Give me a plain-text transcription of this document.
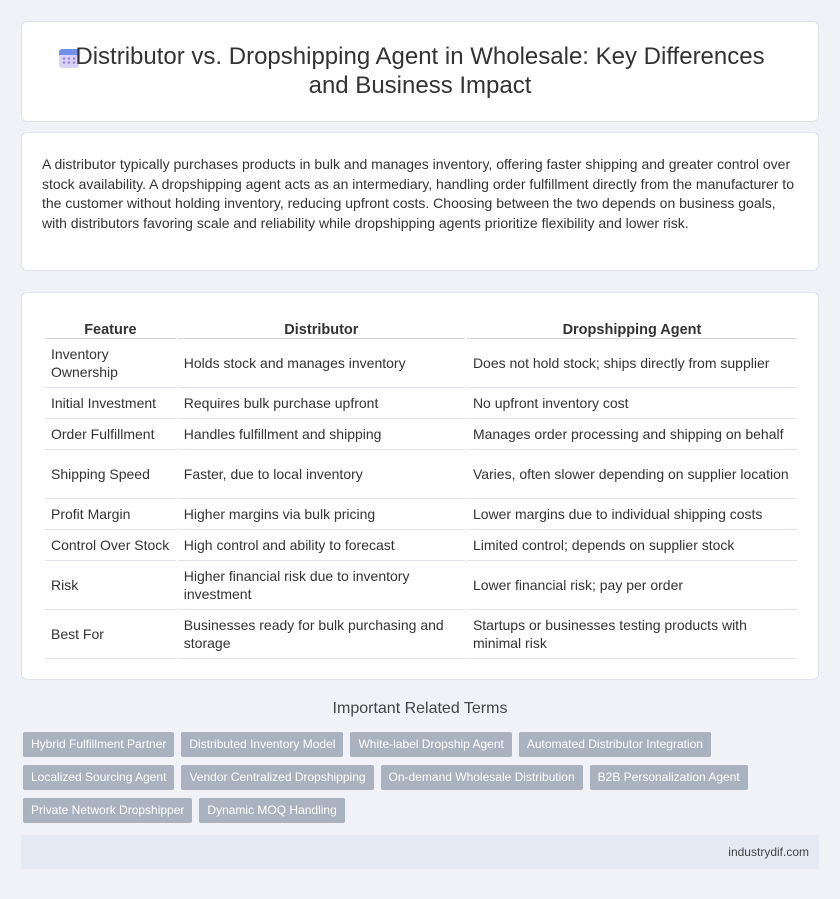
Distributor vs. Dropshipping Agent in Wholesale: Key Differences and Business Impact

A distributor typically purchases products in bulk and manages inventory, offering faster shipping and greater control over stock availability. A dropshipping agent acts as an intermediary, handling order fulfillment directly from the manufacturer to the customer without holding inventory, reducing upfront costs. Choosing between the two depends on business goals, with distributors favoring scale and reliability while dropshipping agents prioritize flexibility and lower risk.

Feature	Distributor	Dropshipping Agent
Inventory Ownership	Holds stock and manages inventory	Does not hold stock; ships directly from supplier
Initial Investment	Requires bulk purchase upfront	No upfront inventory cost
Order Fulfillment	Handles fulfillment and shipping	Manages order processing and shipping on behalf
Shipping Speed	Faster, due to local inventory	Varies, often slower depending on supplier location
Profit Margin	Higher margins via bulk pricing	Lower margins due to individual shipping costs
Control Over Stock	High control and ability to forecast	Limited control; depends on supplier stock
Risk	Higher financial risk due to inventory investment	Lower financial risk; pay per order
Best For	Businesses ready for bulk purchasing and storage	Startups or businesses testing products with minimal risk
Important Related Terms
Hybrid Fulfillment Partner	Distributed Inventory Model	White-label Dropship Agent	Automated Distributor Integration
Localized Sourcing Agent	Vendor Centralized Dropshipping	On-demand Wholesale Distribution	B2B Personalization Agent
Private Network Dropshipper	Dynamic MOQ Handling
industrydif.com
